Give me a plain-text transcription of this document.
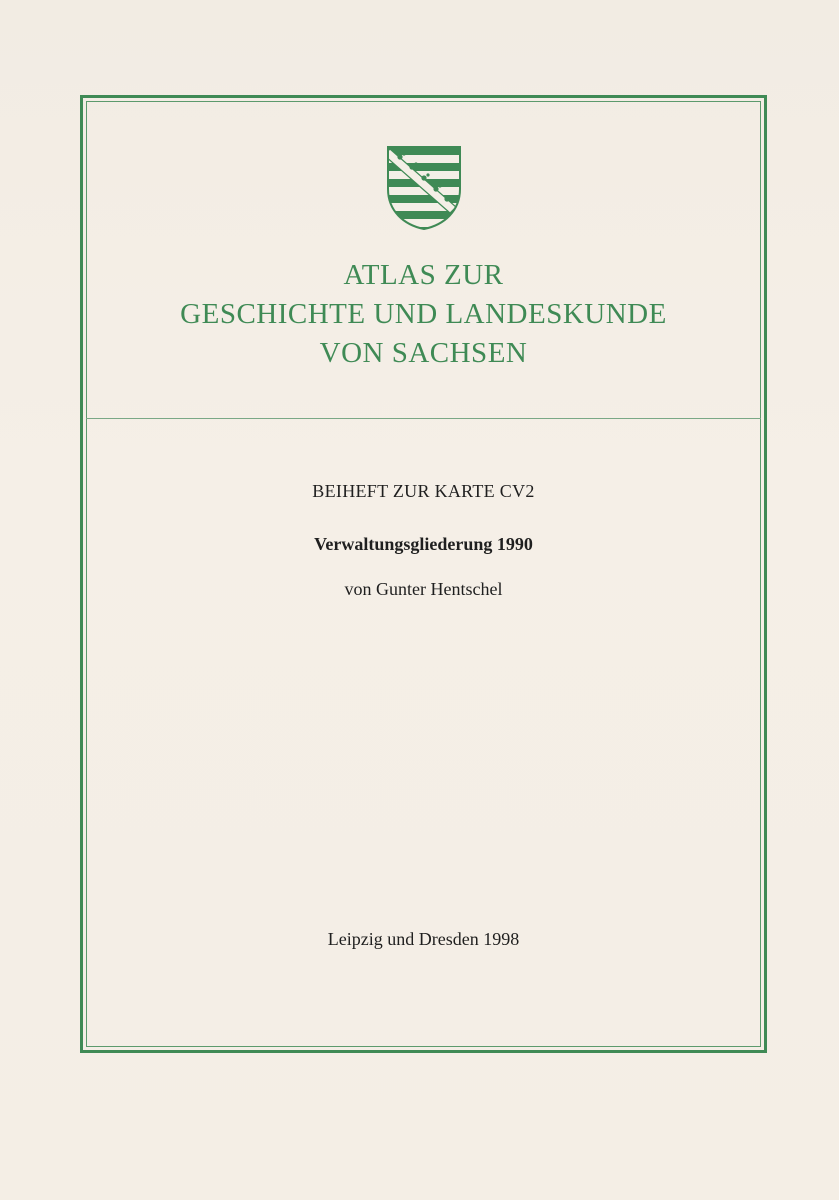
ATLAS ZUR
GESCHICHTE UND LANDESKUNDE
VON SACHSEN
BEIHEFT ZUR KARTE CV2
Verwaltungsgliederung 1990
von Gunter Hentschel
Leipzig und Dresden 1998
